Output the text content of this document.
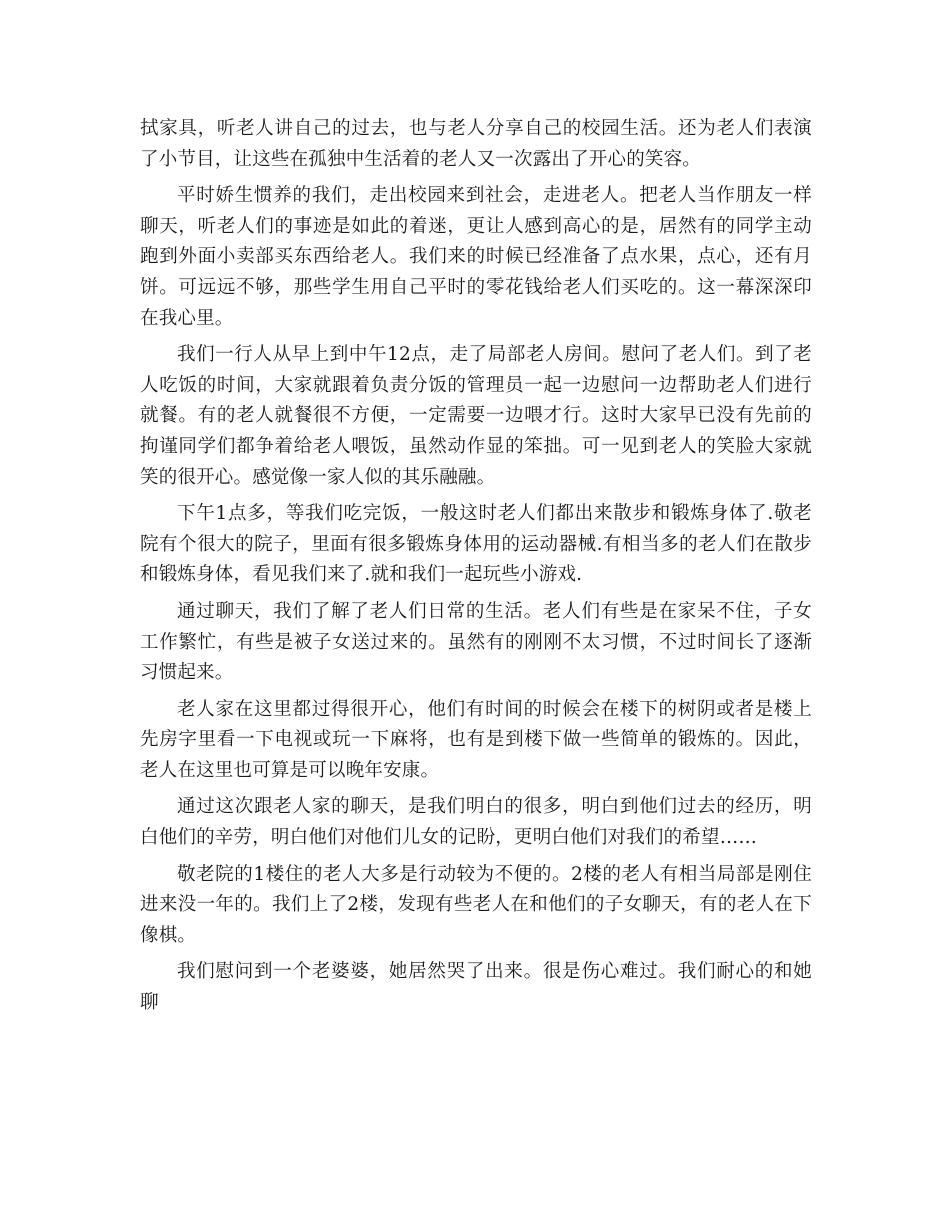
拭家具，听老人讲自己的过去，也与老人分享自己的校园生活。还为老人们表演了小节目，让这些在孤独中生活着的老人又一次露出了开心的笑容。

平时娇生惯养的我们，走出校园来到社会，走进老人。把老人当作朋友一样聊天，听老人们的事迹是如此的着迷，更让人感到高心的是，居然有的同学主动跑到外面小卖部买东西给老人。我们来的时候已经准备了点水果，点心，还有月饼。可远远不够，那些学生用自己平时的零花钱给老人们买吃的。这一幕深深印在我心里。

我们一行人从早上到中午12点，走了局部老人房间。慰问了老人们。到了老人吃饭的时间，大家就跟着负责分饭的管理员一起一边慰问一边帮助老人们进行就餐。有的老人就餐很不方便，一定需要一边喂才行。这时大家早已没有先前的拘谨同学们都争着给老人喂饭，虽然动作显的笨拙。可一见到老人的笑脸大家就笑的很开心。感觉像一家人似的其乐融融。

下午1点多，等我们吃完饭，一般这时老人们都出来散步和锻炼身体了.敬老院有个很大的院子，里面有很多锻炼身体用的运动器械.有相当多的老人们在散步和锻炼身体，看见我们来了.就和我们一起玩些小游戏.

通过聊天，我们了解了老人们日常的生活。老人们有些是在家呆不住，子女工作繁忙，有些是被子女送过来的。虽然有的刚刚不太习惯，不过时间长了逐渐习惯起来。

老人家在这里都过得很开心，他们有时间的时候会在楼下的树阴或者是楼上先房字里看一下电视或玩一下麻将，也有是到楼下做一些简单的锻炼的。因此，老人在这里也可算是可以晚年安康。

通过这次跟老人家的聊天，是我们明白的很多，明白到他们过去的经历，明白他们的辛劳，明白他们对他们儿女的记盼，更明白他们对我们的希望……

敬老院的1楼住的老人大多是行动较为不便的。2楼的老人有相当局部是刚住进来没一年的。我们上了2楼，发现有些老人在和他们的子女聊天，有的老人在下像棋。

我们慰问到一个老婆婆，她居然哭了出来。很是伤心难过。我们耐心的和她聊
